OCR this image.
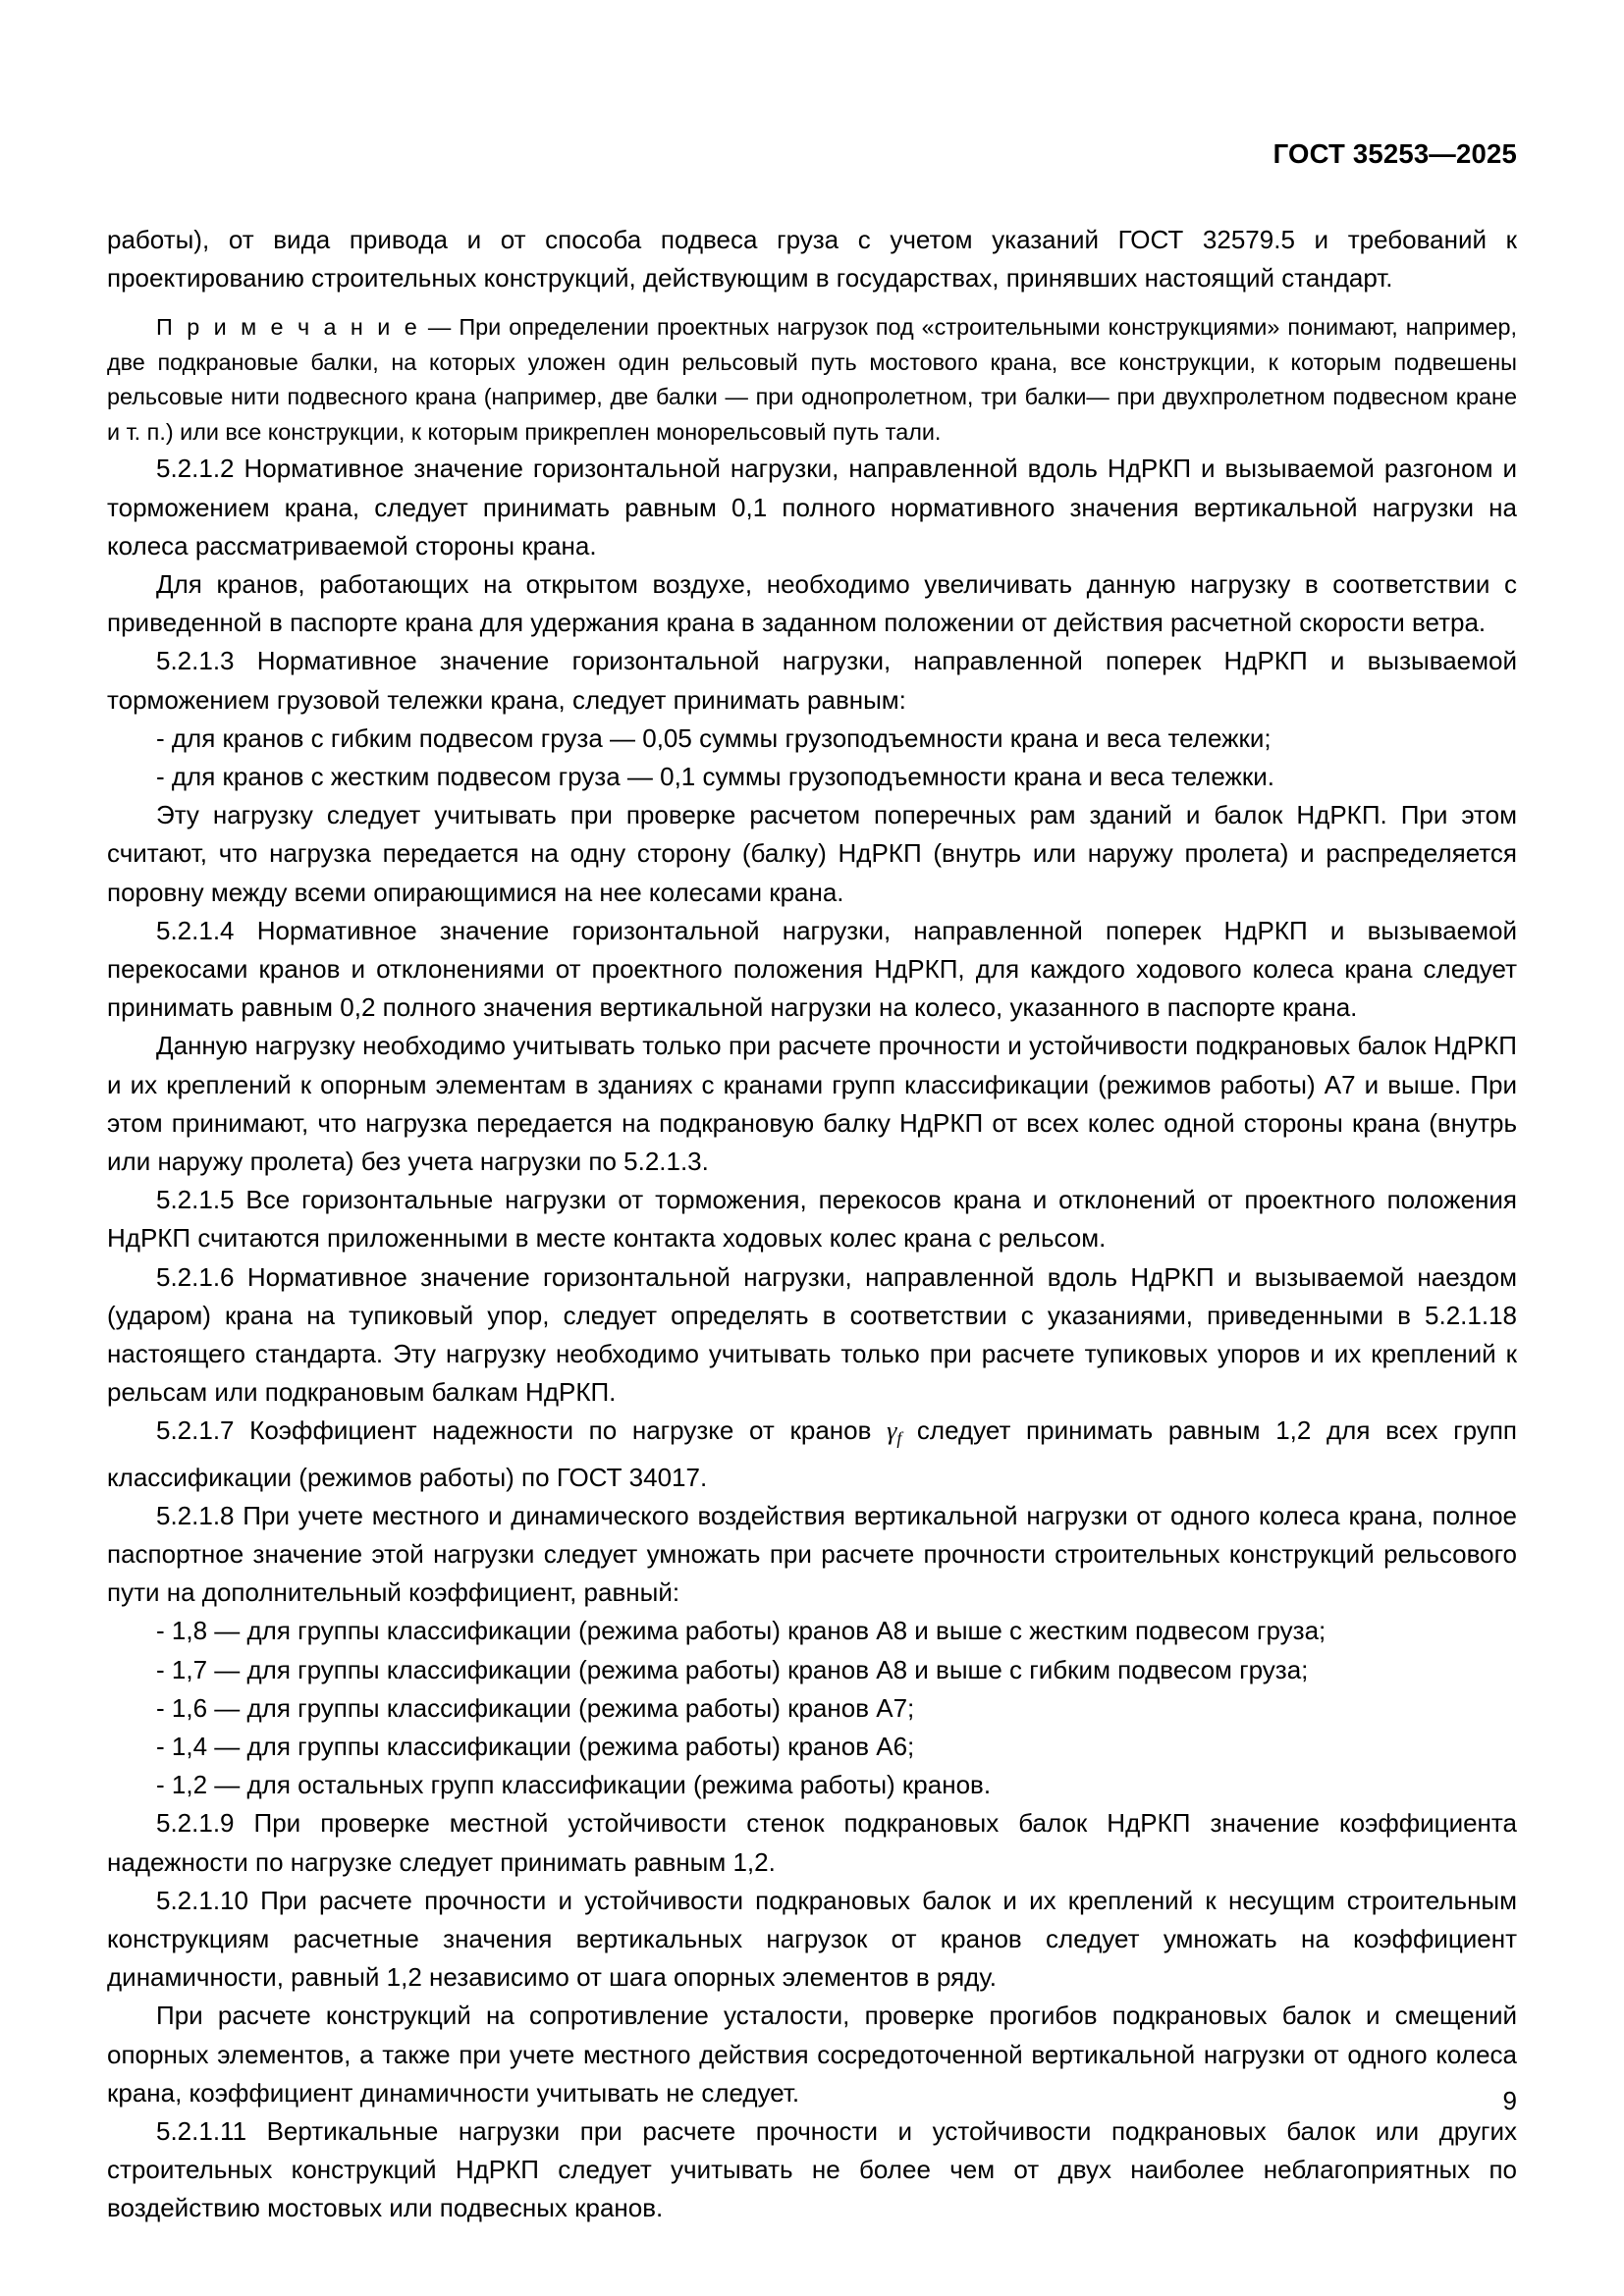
ГОСТ 35253—2025

работы), от вида привода и от способа подвеса груза с учетом указаний ГОСТ 32579.5 и требований к проектированию строительных конструкций, действующим в государствах, принявших настоящий стандарт.

П р и м е ч а н и е — При определении проектных нагрузок под «строительными конструкциями» понимают, например, две подкрановые балки, на которых уложен один рельсовый путь мостового крана, все конструкции, к которым подвешены рельсовые нити подвесного крана (например, две балки — при однопролетном, три балки— при двухпролетном подвесном кране и т. п.) или все конструкции, к которым прикреплен монорельсовый путь тали.

5.2.1.2 Нормативное значение горизонтальной нагрузки, направленной вдоль НдРКП и вызываемой разгоном и торможением крана, следует принимать равным 0,1 полного нормативного значения вертикальной нагрузки на колеса рассматриваемой стороны крана.

Для кранов, работающих на открытом воздухе, необходимо увеличивать данную нагрузку в соответствии с приведенной в паспорте крана для удержания крана в заданном положении от действия расчетной скорости ветра.

5.2.1.3 Нормативное значение горизонтальной нагрузки, направленной поперек НдРКП и вызываемой торможением грузовой тележки крана, следует принимать равным:

- для кранов с гибким подвесом груза — 0,05 суммы грузоподъемности крана и веса тележки;

- для кранов с жестким подвесом груза — 0,1 суммы грузоподъемности крана и веса тележки.

Эту нагрузку следует учитывать при проверке расчетом поперечных рам зданий и балок НдРКП. При этом считают, что нагрузка передается на одну сторону (балку) НдРКП (внутрь или наружу пролета) и распределяется поровну между всеми опирающимися на нее колесами крана.

5.2.1.4 Нормативное значение горизонтальной нагрузки, направленной поперек НдРКП и вызываемой перекосами кранов и отклонениями от проектного положения НдРКП, для каждого ходового колеса крана следует принимать равным 0,2 полного значения вертикальной нагрузки на колесо, указанного в паспорте крана.

Данную нагрузку необходимо учитывать только при расчете прочности и устойчивости подкрановых балок НдРКП и их креплений к опорным элементам в зданиях с кранами групп классификации (режимов работы) А7 и выше. При этом принимают, что нагрузка передается на подкрановую балку НдРКП от всех колес одной стороны крана (внутрь или наружу пролета) без учета нагрузки по 5.2.1.3.

5.2.1.5 Все горизонтальные нагрузки от торможения, перекосов крана и отклонений от проектного положения НдРКП считаются приложенными в месте контакта ходовых колес крана с рельсом.

5.2.1.6 Нормативное значение горизонтальной нагрузки, направленной вдоль НдРКП и вызываемой наездом (ударом) крана на тупиковый упор, следует определять в соответствии с указаниями, приведенными в 5.2.1.18 настоящего стандарта. Эту нагрузку необходимо учитывать только при расчете тупиковых упоров и их креплений к рельсам или подкрановым балкам НдРКП.

5.2.1.7 Коэффициент надежности по нагрузке от кранов $\gamma_f$ следует принимать равным 1,2 для всех групп классификации (режимов работы) по ГОСТ 34017.

5.2.1.8 При учете местного и динамического воздействия вертикальной нагрузки от одного колеса крана, полное паспортное значение этой нагрузки следует умножать при расчете прочности строительных конструкций рельсового пути на дополнительный коэффициент, равный:

- 1,8 — для группы классификации (режима работы) кранов А8 и выше с жестким подвесом груза;

- 1,7 — для группы классификации (режима работы) кранов А8 и выше с гибким подвесом груза;

- 1,6 — для группы классификации (режима работы) кранов А7;

- 1,4 — для группы классификации (режима работы) кранов А6;

- 1,2 — для остальных групп классификации (режима работы) кранов.

5.2.1.9 При проверке местной устойчивости стенок подкрановых балок НдРКП значение коэффициента надежности по нагрузке следует принимать равным 1,2.

5.2.1.10 При расчете прочности и устойчивости подкрановых балок и их креплений к несущим строительным конструкциям расчетные значения вертикальных нагрузок от кранов следует умножать на коэффициент динамичности, равный 1,2 независимо от шага опорных элементов в ряду.

При расчете конструкций на сопротивление усталости, проверке прогибов подкрановых балок и смещений опорных элементов, а также при учете местного действия сосредоточенной вертикальной нагрузки от одного колеса крана, коэффициент динамичности учитывать не следует.

5.2.1.11 Вертикальные нагрузки при расчете прочности и устойчивости подкрановых балок или других строительных конструкций НдРКП следует учитывать не более чем от двух наиболее неблагоприятных по воздействию мостовых или подвесных кранов.

9
